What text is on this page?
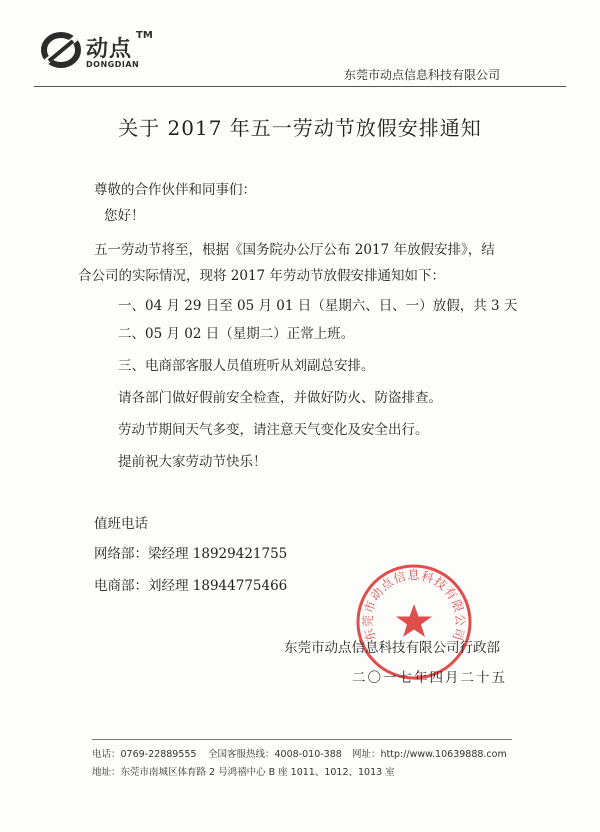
动点
TM
DONGDIAN
东莞市动点信息科技有限公司
关于 2017 年五一劳动节放假安排通知
尊敬的合作伙伴和同事们：
您好！
五一劳动节将至，根据《国务院办公厅公布 2017 年放假安排》，结
合公司的实际情况，现将 2017 年劳动节放假安排通知如下：
一、04 月 29 日至 05 月 01 日（星期六、日、一）放假，共 3 天
二、05 月 02 日（星期二）正常上班。
三、电商部客服人员值班听从刘副总安排。
请各部门做好假前安全检查，并做好防火、防盗排查。
劳动节期间天气多变，请注意天气变化及安全出行。
提前祝大家劳动节快乐！
值班电话
网络部：梁经理 18929421755
电商部：刘经理 18944775466
东莞市动点信息科技有限公司
东莞市动点信息科技有限公司行政部
二〇一七年四月二十五
电话：0769-22889555 全国客服热线：4008-010-388 网址：http://www.10639888.com
地址：东莞市南城区体育路 2 号鸿禧中心 B 座 1011、1012、1013 室
